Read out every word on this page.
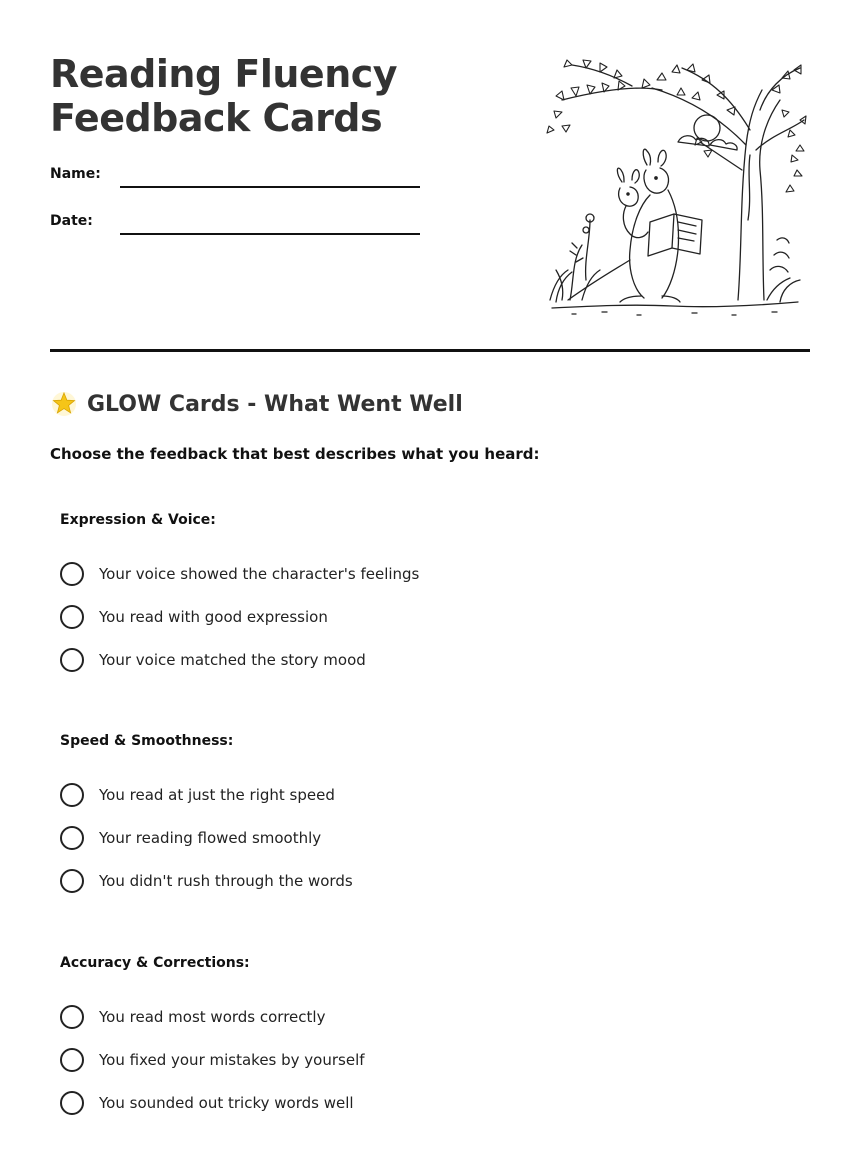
Reading Fluency
Feedback Cards
Name:
Date:
GLOW Cards - What Went Well
Choose the feedback that best describes what you heard:
Expression & Voice:
Your voice showed the character's feelings
You read with good expression
Your voice matched the story mood
Speed & Smoothness:
You read at just the right speed
Your reading flowed smoothly
You didn't rush through the words
Accuracy & Corrections:
You read most words correctly
You fixed your mistakes by yourself
You sounded out tricky words well
